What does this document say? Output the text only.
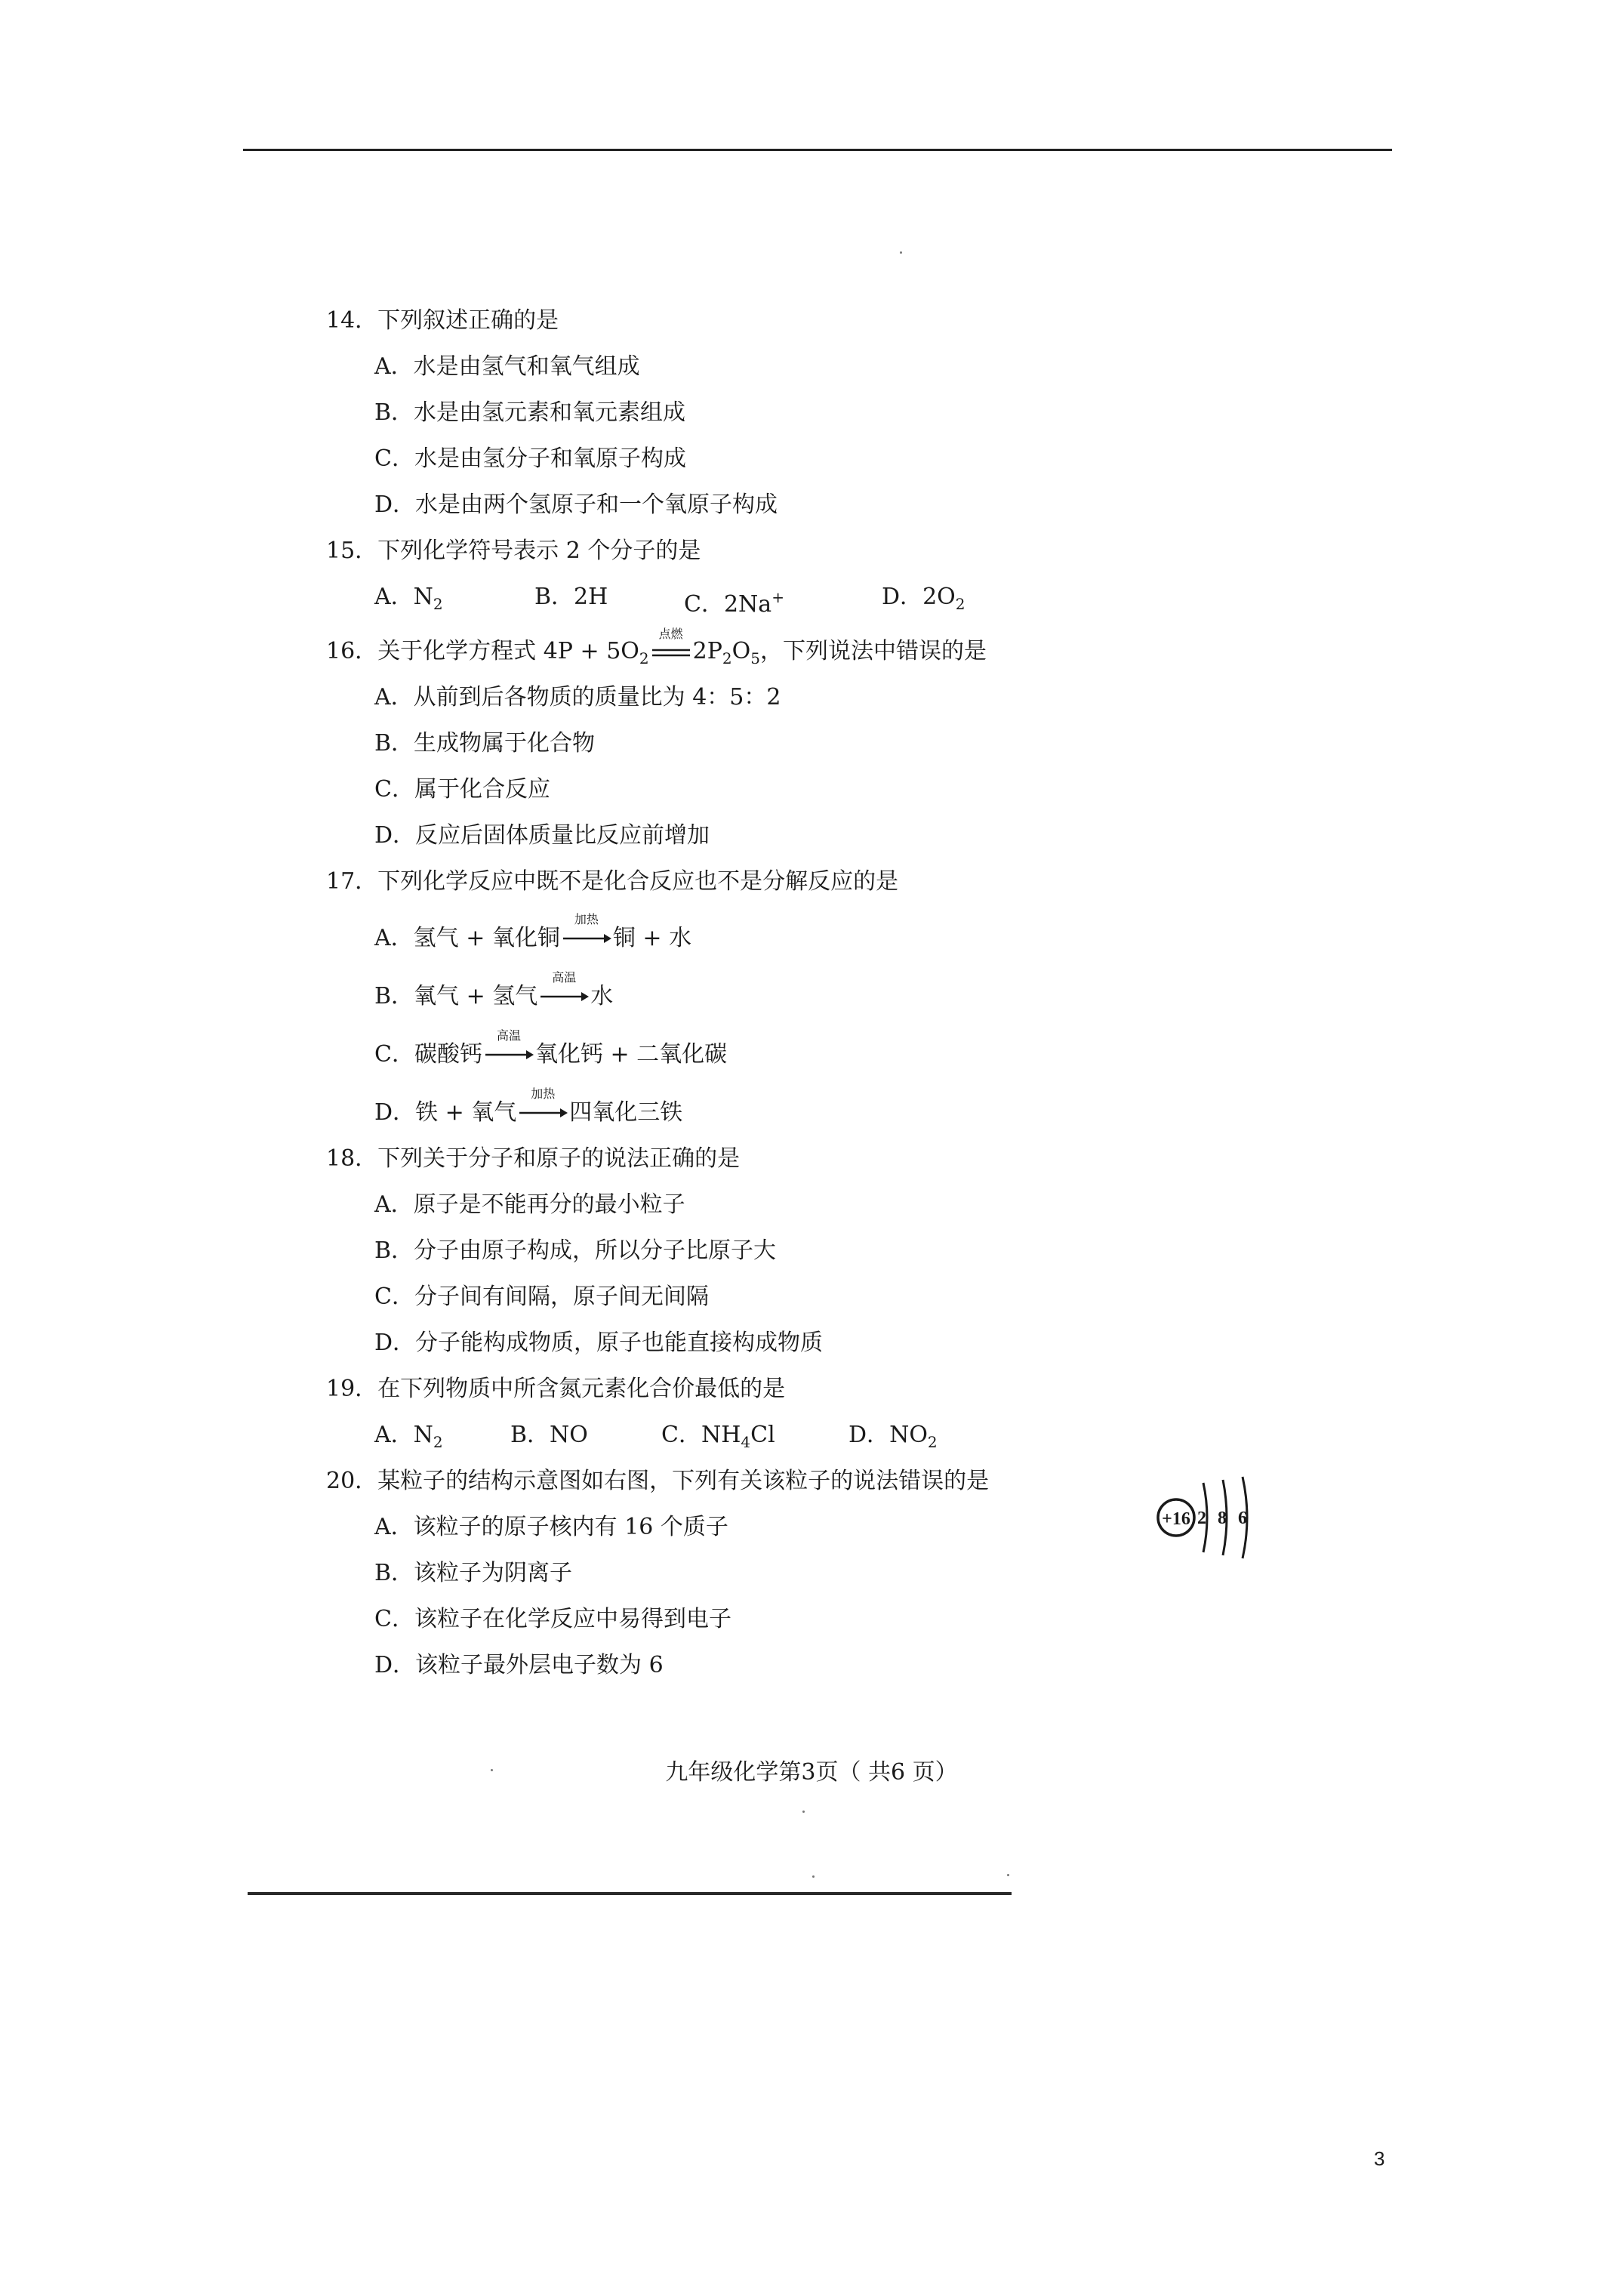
14．下列叙述正确的是
A．水是由氢气和氧气组成
B．水是由氢元素和氧元素组成
C．水是由氢分子和氧原子构成
D．水是由两个氢原子和一个氧原子构成
15．下列化学符号表示 2 个分子的是
A．$N_2$	B．2H	C．2Na+	D．$2O_2$
16．关于化学方程式 $4P + 5O_2$
点燃
$2P_2O_5$，下列说法中错误的是
A．从前到后各物质的质量比为 4：5：2
B．生成物属于化合物
C．属于化合反应
D．反应后固体质量比反应前增加
17．下列化学反应中既不是化合反应也不是分解反应的是
A．氢气 + 氧化铜
加热
铜 + 水
B．氧气 + 氢气
高温
水
C．碳酸钙
高温
氧化钙 + 二氧化碳
D．铁 + 氧气
加热
四氧化三铁
18．下列关于分子和原子的说法正确的是
A．原子是不能再分的最小粒子
B．分子由原子构成，所以分子比原子大
C．分子间有间隔，原子间无间隔
D．分子能构成物质，原子也能直接构成物质
19．在下列物质中所含氮元素化合价最低的是
A．$N_2$	B．NO	C．$NH_4Cl$	D．$NO_2$
20．某粒子的结构示意图如右图，下列有关该粒子的说法错误的是
A．该粒子的原子核内有 16 个质子
B．该粒子为阴离子
C．该粒子在化学反应中易得到电子
D．该粒子最外层电子数为 6
+16 2 8 6
九年级化学第3页（ 共6 页）
3
